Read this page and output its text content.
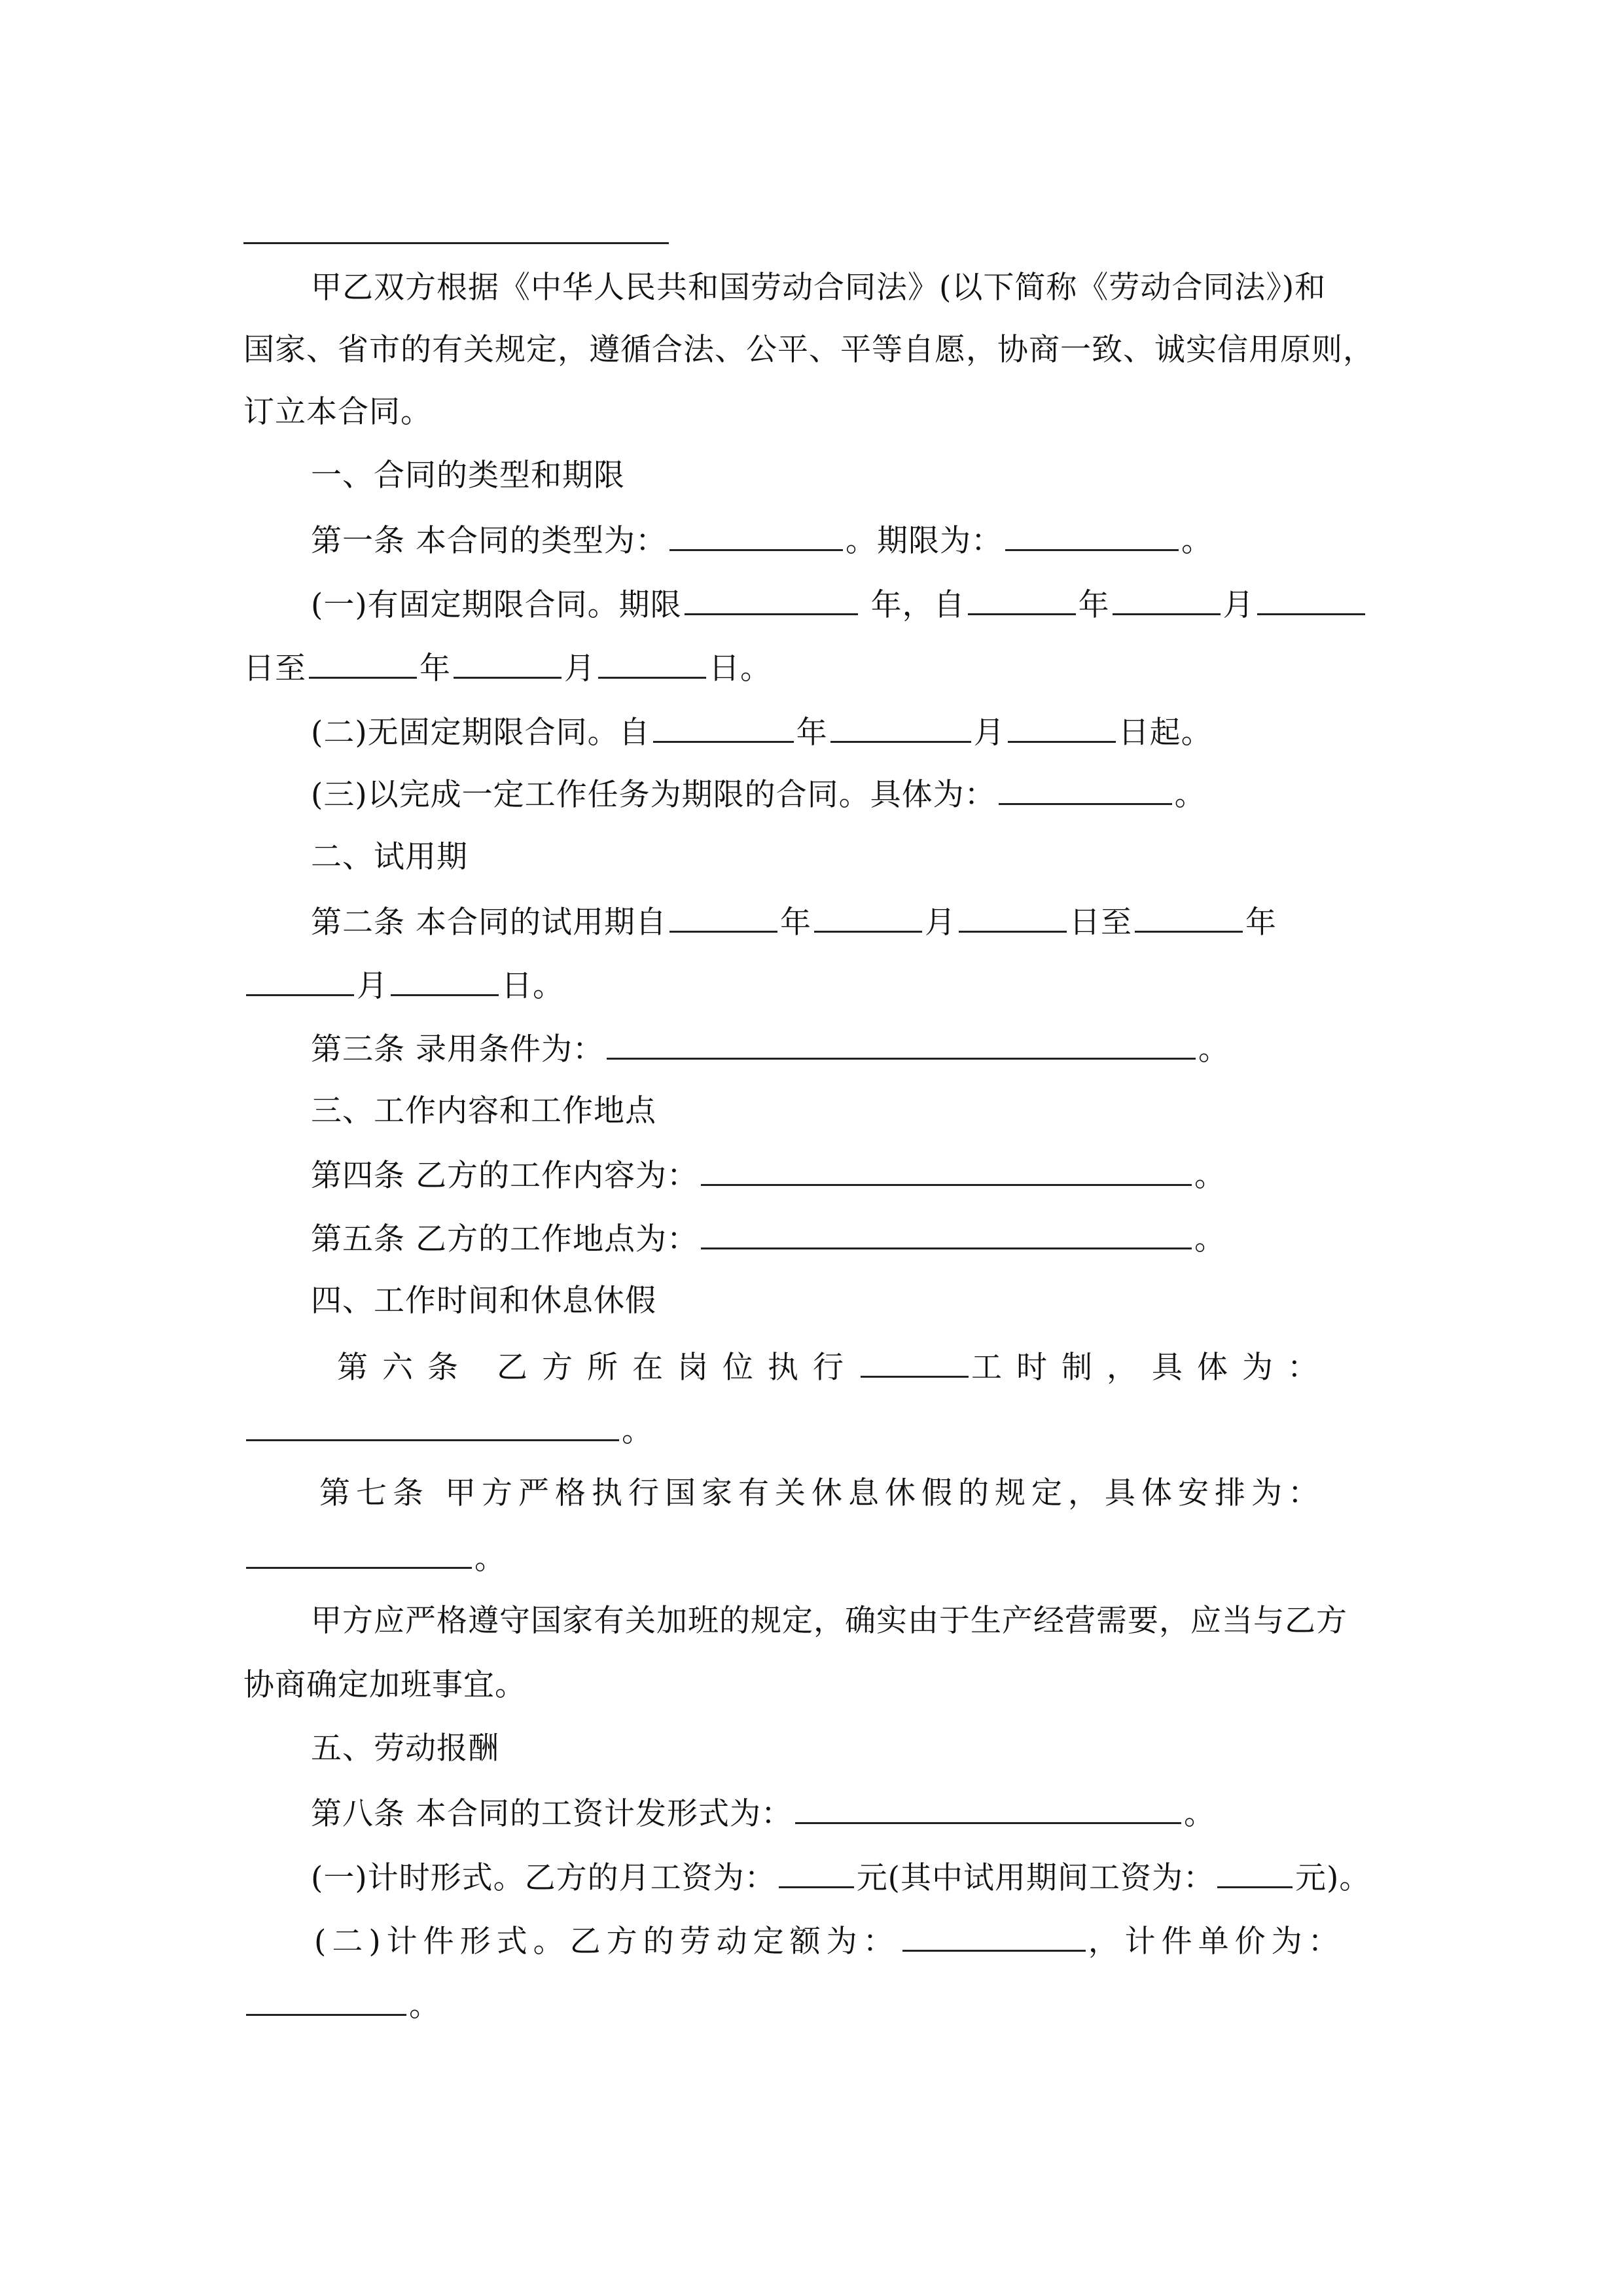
甲乙双方根据《中华人民共和国劳动合同法》(以下简称《劳动合同法》)和
国家、省市的有关规定，遵循合法、公平、平等自愿，协商一致、诚实信用原则，
订立本合同。
一、合同的类型和期限
第一条 本合同的类型为：	。期限为：	。
(一)有固定期限合同。期限	年，自	年	月
日至	年	月	日。
(二)无固定期限合同。自	年	月	日起。
(三)以完成一定工作任务为期限的合同。具体为：	。
二、试用期
第二条 本合同的试用期自	年	月	日至	年
月	日。
第三条 录用条件为：	。
三、工作内容和工作地点
第四条 乙方的工作内容为：	。
第五条 乙方的工作地点为：	。
四、工作时间和休息休假
第六条 乙方所在岗位执行	工时制，具体为：
。
第七条 甲方严格执行国家有关休息休假的规定，具体安排为：
。
甲方应严格遵守国家有关加班的规定，确实由于生产经营需要，应当与乙方
协商确定加班事宜。
五、劳动报酬
第八条 本合同的工资计发形式为：	。
(一)计时形式。乙方的月工资为：	元(其中试用期间工资为：	元)。
(二)计件形式。乙方的劳动定额为：	，计件单价为：
。
